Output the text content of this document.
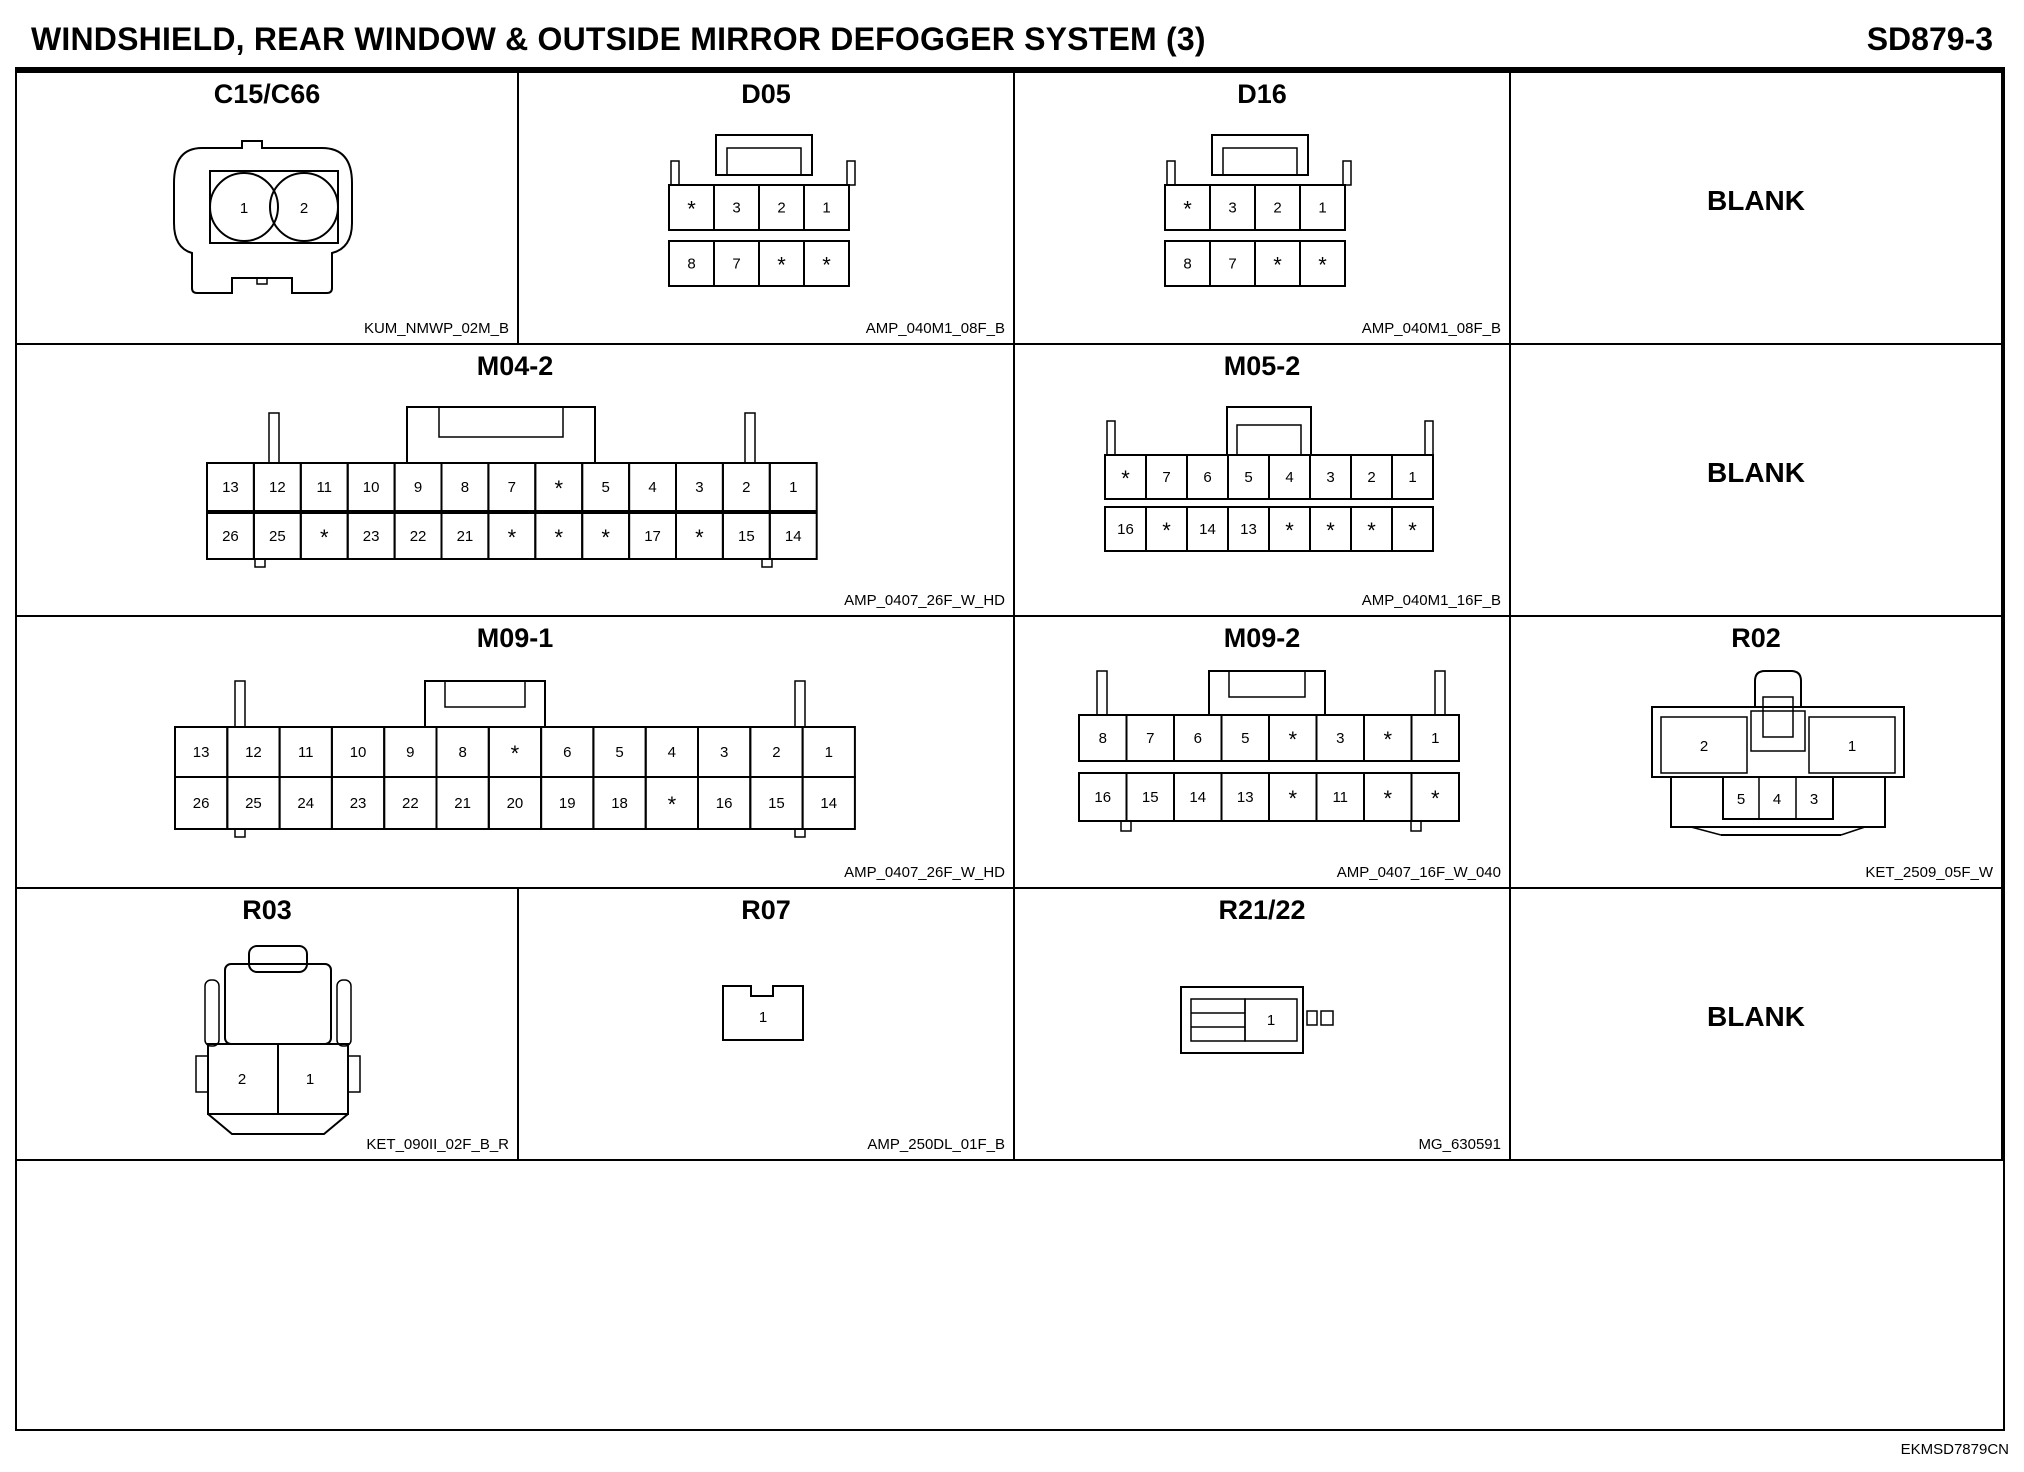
WINDSHIELD, REAR WINDOW & OUTSIDE MIRROR DEFOGGER SYSTEM (3)	SD879-3
C15/C66
1	2
KUM_NMWP_02M_B
D05
* 3 2 1
8 7 * *
AMP_040M1_08F_B
D16
* 3 2 1
8 7 * *
AMP_040M1_08F_B
BLANK
M04-2
13 12 11 10 9	8	7 *	5	4	3	2	1
26 25 * 23 22 21 * * * 17 * 15 14
AMP_0407_26F_W_HD
M05-2
* 7 6 5 4 3 2 1
16 * 14 13 * * * *
AMP_040M1_16F_B
BLANK
M09-1
13 12 11 10	9	8 *	6	5	4	3	2	1
26 25 24 23 22 21 20 19 18 *	16 15 14
AMP_0407_26F_W_HD
M09-2
8	7	6	5 *	3 *	1
16 15 14 13 * 11 * *
AMP_0407_16F_W_040
R02
2	1
5 4 3
KET_2509_05F_W
R03
2	1
KET_090II_02F_B_R
R07
1
AMP_250DL_01F_B
R21/22
1
MG_630591
BLANK
EKMSD7879CN
